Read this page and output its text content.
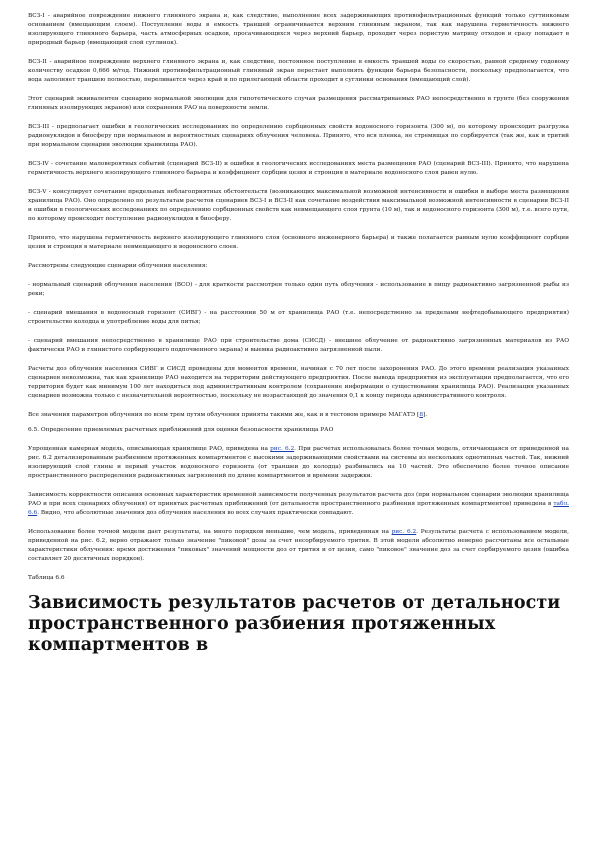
ВСЗ-I - аварийное повреждение нижнего глиняного экрана и, как следствие, выполнение всех задерживающих противофильтрационных функций только сугтинковым основанием (вмещающим слоем). Поступление воды в емкость траншей ограничивается верхним глиняным экраном, так как нарушена герметичность нижнего изолирующего глиняного барьера, часть атмосферных осадков, просачивающихся через верхний барьер, проходит через пористую матрицу отходов и сразу попадает в природный барьер (вмещающий слой суглинок).

ВСЗ-II - аварийное повреждение верхнего глиняного экрана и, как следствие, постоянное поступление в емкость траншей воды со скоростью, равной среднему годовому количеству осадков 0,666 м/год. Нижний противофильтрационный глиняный экран перестает выполнять функции барьера безопасности, поскольку предполагается, что вода заполняет траншею полностью, переливается через край и по прилегающей области проходит в суглинки основания (вмещающий слой).

Этот сценарий эквивалентен сценарию нормальной эволюции для гипотетического случая размещения рассматриваемых РАО непосредственно в грунте (без сооружения глиняных изолирующих экранов) или сохранения РАО на поверхности земли.

ВСЗ-III - предполагает ошибки в геологических исследованиях по определению сорбционных свойств водоносного горизонта (300 м), по которому происходит разгрузка радионуклидов в биосферу при нормальном и вероятностных сценариях облучения человека. Принято, что вся пленка, не стремящая по сорбируется (так же, как и тритий при нормальном сценарии эволюции хранилища РАО).

ВСЗ-IV - сочетание маловероятных событий (сценарий ВСЗ-II) и ошибки в геологических исследованиях места размещения РАО (сценарий ВСЗ-III). Принято, что нарушена герметичность верхнего изолирующего глиняного барьера и коэффициент сорбции цезия и стронция в материале водоносного слоя равен нулю.

ВСЗ-V - консулирует сочетание предельных неблагоприятных обстоятельств (возникающих максимальной возможной интенсивности и ошибки в выборе места размещения хранилища РАО). Оно определено по результатам расчетов сценариев ВСЗ-I и ВСЗ-II как сочетание воздействия максимальной возможной интенсивности в сценарии ВСЗ-II и ошибки в геологических исследованиях по определению сорбционных свойств как невмещающего слоя грунта (10 м), так и водоносного горизонта (300 м), т.е. всего пути, по которому происходит поступление радионуклидов в биосферу.

Принято, что нарушена герметичность верхнего изолирующего глиняного слоя (основного инженерного барьера) и также полагается равным нулю коэффициент сорбции цезия и стронция в материале невмещающего и водоносного слоев.

Рассмотрены следующие сценарии облучения населения:

- нормальный сценарий облучения населения (ВСО) - для краткости рассмотрен только один путь облучения - использование в пищу радиоактивно загрязненной рыбы из реки;

- сценарий вмешания в водоносный горизонт (СИВГ) - на расстоянии 50 м от хранилища РАО (т.е. непосредственно за пределами нефтедобывающего предприятия) строительство колодца и употребление воды для питья;

- сценарий вмешания непосредственно в хранилище РАО при строительстве дома (СИСД) - внешнее облучение от радиоактивно загрязненных материалов из РАО фактически РАО и глинистого сорбирующего подпочвенного экрана) и выемка радиоактивно загрязненной пыли.

Расчеты доз облучения населения СИВГ и СИСД проведены для моментов времени, начиная с 70 лет после захоронения РАО. До этого времени реализация указанных сценариев невозможна, так как хранилище РАО находится на территории действующего предприятия. После вывода предприятия из эксплуатации предполагается, что его территория будет как минимум 100 лет находиться под административным контролем (сохранение информации о существовании хранилища РАО). Реализация указанных сценариев возможна только с незначительной вероятностью, поскольку не возрастающей до значения 0,1 к концу периода административного контроля.

Все значения параметров облучения по всем трем путям облучения приняты такими же, как и в тестовом примере МАГАТЭ [8].

6.5. Определение приемлемых расчетных приближений для оценки безопасности хранилища РАО

Упрощенная камерная модель, описывающая хранилище РАО, приведена на рис. 6.2. При расчетах использовалась более точная модель, отличающаяся от приведенной на рис. 6.2 детализированным разбиением протяженных компартментов с высокими задерживающими свойствами на системы из нескольких однотипных частей. Так, нижний изолирующий слой глины и первый участок водоносного горизонта (от траншеи до колодца) разбивались на 10 частей. Это обеспечило более точное описание пространственного распределения радиоактивных загрязнений по длине компартментов и времени задержки.

Зависимость корректности описания основных характеристик временной зависимости полученных результатов расчета доз (при нормальном сценарии эволюции хранилища РАО и при всех сценариях облучения) от принятых расчетных приближений (от детальности пространственного разбиения протяженных компартментов) приведена в табл. 6.6. Видно, что абсолютные значения доз облучения населения во всех случаях практически совпадают.

Использование более точной модели дает результаты, на много порядков меньшие, чем модель, приведенная на рис. 6.2. Результаты расчета с использованием модели, приведенной на рис. 6.2, верно отражают только значение "пиковой" дозы за счет несорбируемого трития. В этой модели абсолютно неверно рассчитаны все остальные характеристики облучения: время достижения "пиковых" значений мощности доз от трития и от цезия, само "пиковое" значение доз за счет сорбируемого цезия (ошибка составляет 20 десятичных порядков).

Таблица 6.6
Зависимость результатов расчетов от детальности пространственного разбиения протяженных компартментов в
